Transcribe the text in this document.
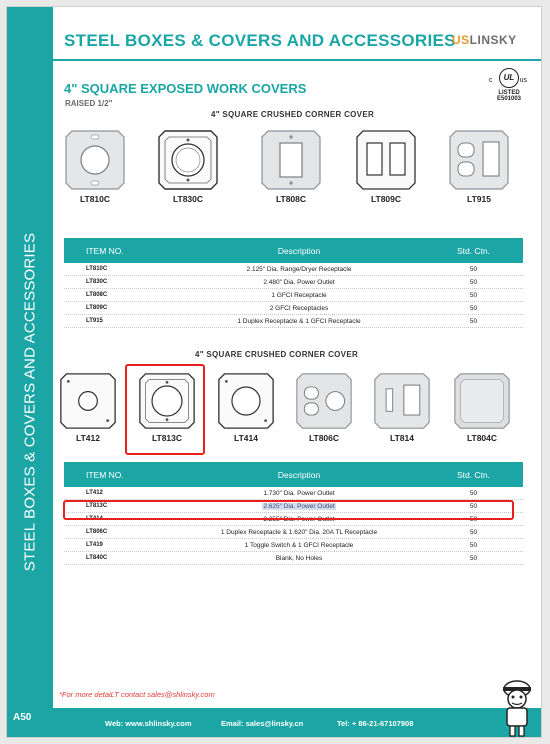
STEEL BOXES & COVERS AND ACCESSORIES
A50
STEEL BOXES & COVERS AND ACCESSORIES
USLINSKY
4" SQUARE EXPOSED WORK COVERS
RAISED 1/2"
c UL us
LISTED
E501003
4" SQUARE CRUSHED CORNER COVER
LT810C	LT830C	LT808C	LT809C	LT915
ITEM NO.	Description	Std. Ctn.
LT810C	2.125" Dia. Range/Dryer Receptacle	50
LT830C	2.480" Dia. Power Outlet	50
LT808C	1 GFCI Receptacle	50
LT809C	2 GFCI Receptacles	50
LT915	1 Duplex Receptacle & 1 GFCI Receptacle	50
4" SQUARE CRUSHED CORNER COVER
LT412	LT813C	LT414	LT806C	LT814	LT804C
ITEM NO.	Description	Std. Ctn.
LT412	1.730" Dia. Power Outlet	50
LT813C	2.625" Dia. Power Outlet	50
LT414	2.255" Dia. Power Outlet	50
LT806C	1 Duplex Receptacle & 1.620" Dia. 20A TL Receptacle	50
LT419	1 Toggle Switch & 1 GFCI Receptacle	50
LT840C	Blank, No Holes	50
*For more detaiLT contact sales@shlinsky.com
Web: www.shlinsky.com	Email: sales@linsky.cn	Tel: + 86-21-67107908
